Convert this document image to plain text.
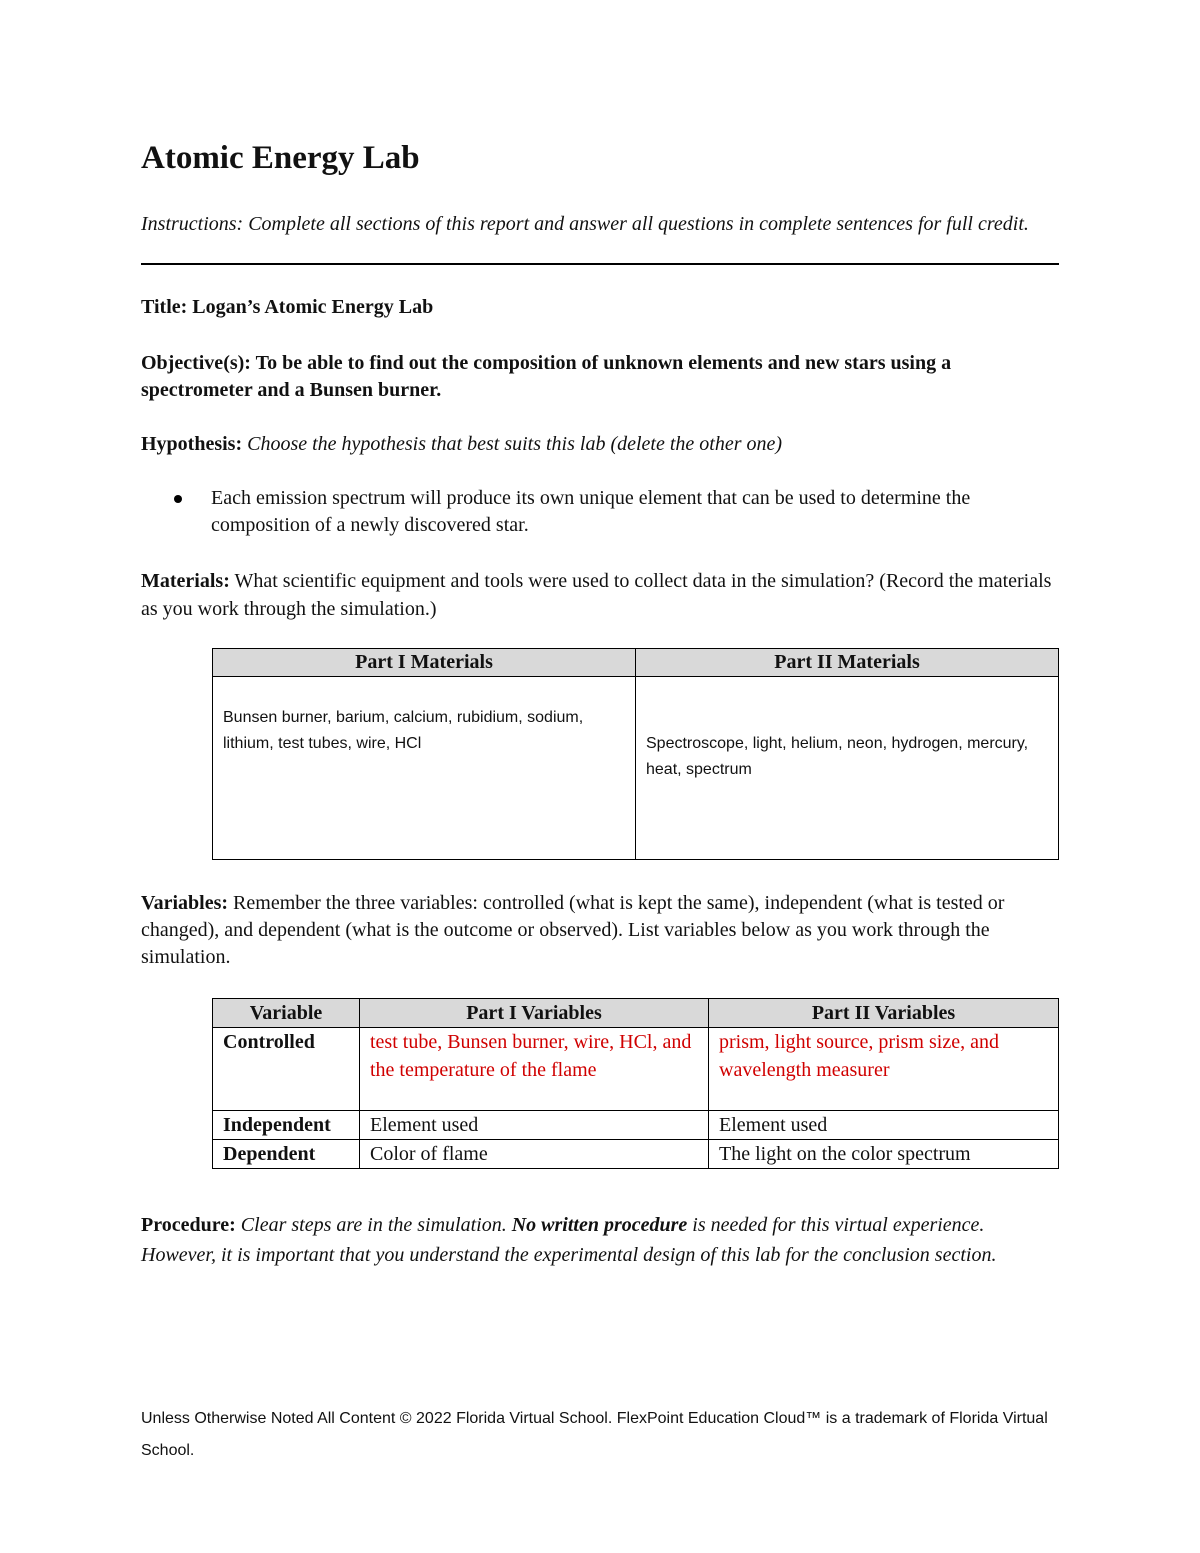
Atomic Energy Lab
Instructions: Complete all sections of this report and answer all questions in complete sentences for full credit.
Title: Logan’s Atomic Energy Lab
Objective(s): To be able to find out the composition of unknown elements and new stars using a spectrometer and a Bunsen burner.
Hypothesis: Choose the hypothesis that best suits this lab (delete the other one)
Each emission spectrum will produce its own unique element that can be used to determine the composition of a newly discovered star.
Materials: What scientific equipment and tools were used to collect data in the simulation? (Record the materials as you work through the simulation.)
Part I Materials	Part II Materials

Bunsen burner, barium, calcium, rubidium, sodium, lithium, test tubes, wire, HCl	Spectroscope, light, helium, neon, hydrogen, mercury, heat, spectrum
Variables: Remember the three variables: controlled (what is kept the same), independent (what is tested or changed), and dependent (what is the outcome or observed). List variables below as you work through the simulation.
Variable	Part I Variables	Part II Variables
Controlled	test tube, Bunsen burner, wire, HCl, and the temperature of the flame	prism, light source, prism size, and wavelength measurer
Independent	Element used	Element used
Dependent	Color of flame	The light on the color spectrum
Procedure: Clear steps are in the simulation. No written procedure is needed for this virtual experience. However, it is important that you understand the experimental design of this lab for the conclusion section.
Unless Otherwise Noted All Content © 2022 Florida Virtual School. FlexPoint Education Cloud™ is a trademark of Florida Virtual School.
